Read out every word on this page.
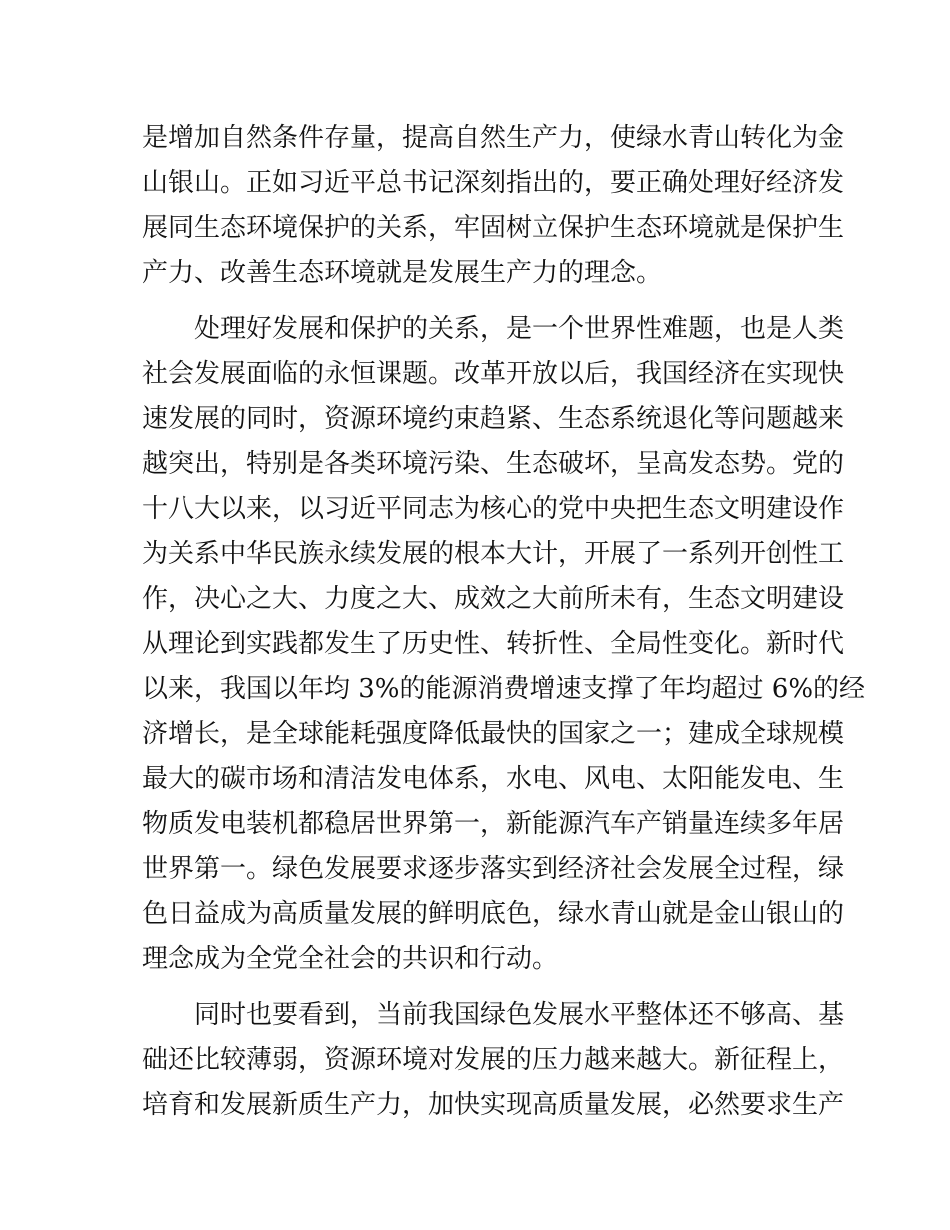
是增加自然条件存量，提高自然生产力，使绿水青山转化为金
山银山。正如习近平总书记深刻指出的，要正确处理好经济发
展同生态环境保护的关系，牢固树立保护生态环境就是保护生
产力、改善生态环境就是发展生产力的理念。

处理好发展和保护的关系，是一个世界性难题，也是人类
社会发展面临的永恒课题。改革开放以后，我国经济在实现快
速发展的同时，资源环境约束趋紧、生态系统退化等问题越来
越突出，特别是各类环境污染、生态破坏，呈高发态势。党的
十八大以来，以习近平同志为核心的党中央把生态文明建设作
为关系中华民族永续发展的根本大计，开展了一系列开创性工
作，决心之大、力度之大、成效之大前所未有，生态文明建设
从理论到实践都发生了历史性、转折性、全局性变化。新时代
以来，我国以年均 3%的能源消费增速支撑了年均超过 6%的经
济增长，是全球能耗强度降低最快的国家之一；建成全球规模
最大的碳市场和清洁发电体系，水电、风电、太阳能发电、生
物质发电装机都稳居世界第一，新能源汽车产销量连续多年居
世界第一。绿色发展要求逐步落实到经济社会发展全过程，绿
色日益成为高质量发展的鲜明底色，绿水青山就是金山银山的
理念成为全党全社会的共识和行动。

同时也要看到，当前我国绿色发展水平整体还不够高、基
础还比较薄弱，资源环境对发展的压力越来越大。新征程上，
培育和发展新质生产力，加快实现高质量发展，必然要求生产
